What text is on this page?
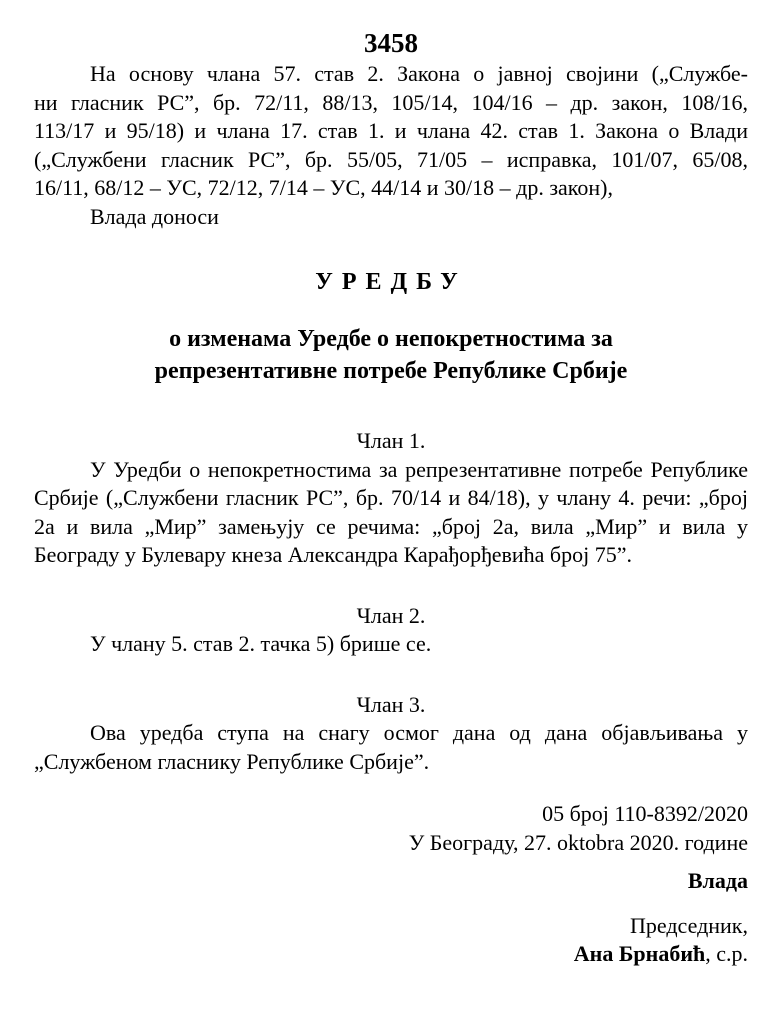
3458

На основу члана 57. став 2. Закона о јавној својини („Службе-

ни гласник РС”, бр. 72/11, 88/13, 105/14, 104/16 – др. закон, 108/16,

113/17 и 95/18) и члана 17. став 1. и члана 42. став 1. Закона о Влади

(„Службени гласник РС”, бр. 55/05, 71/05 – исправка, 101/07, 65/08,

16/11, 68/12 – УС, 72/12, 7/14 – УС, 44/14 и 30/18 – др. закон),

Влада доноси

УРЕДБУ
о изменама Уредбе о непокретностима за
репрезентативне потребе Републике Србије
Члан 1.

У Уредби о непокретностима за репрезентативне потребе Републике Србије („Службени гласник РС”, бр. 70/14 и 84/18), у члану 4. речи: „број 2а и вила „Мир” замењују се речима: „број 2а, вила „Мир” и вила у Београду у Булевару кнеза Александра Карађорђевића број 75”.

Члан 2.

У члану 5. став 2. тачка 5) брише се.

Члан 3.

Ова уредба ступа на снагу осмог дана од дана објављивања у „Службеном гласнику Републике Србије”.

05 број 110-8392/2020
У Београду, 27. oktobra 2020. године
Влада
Председник,
Ана Брнабић, с.р.
